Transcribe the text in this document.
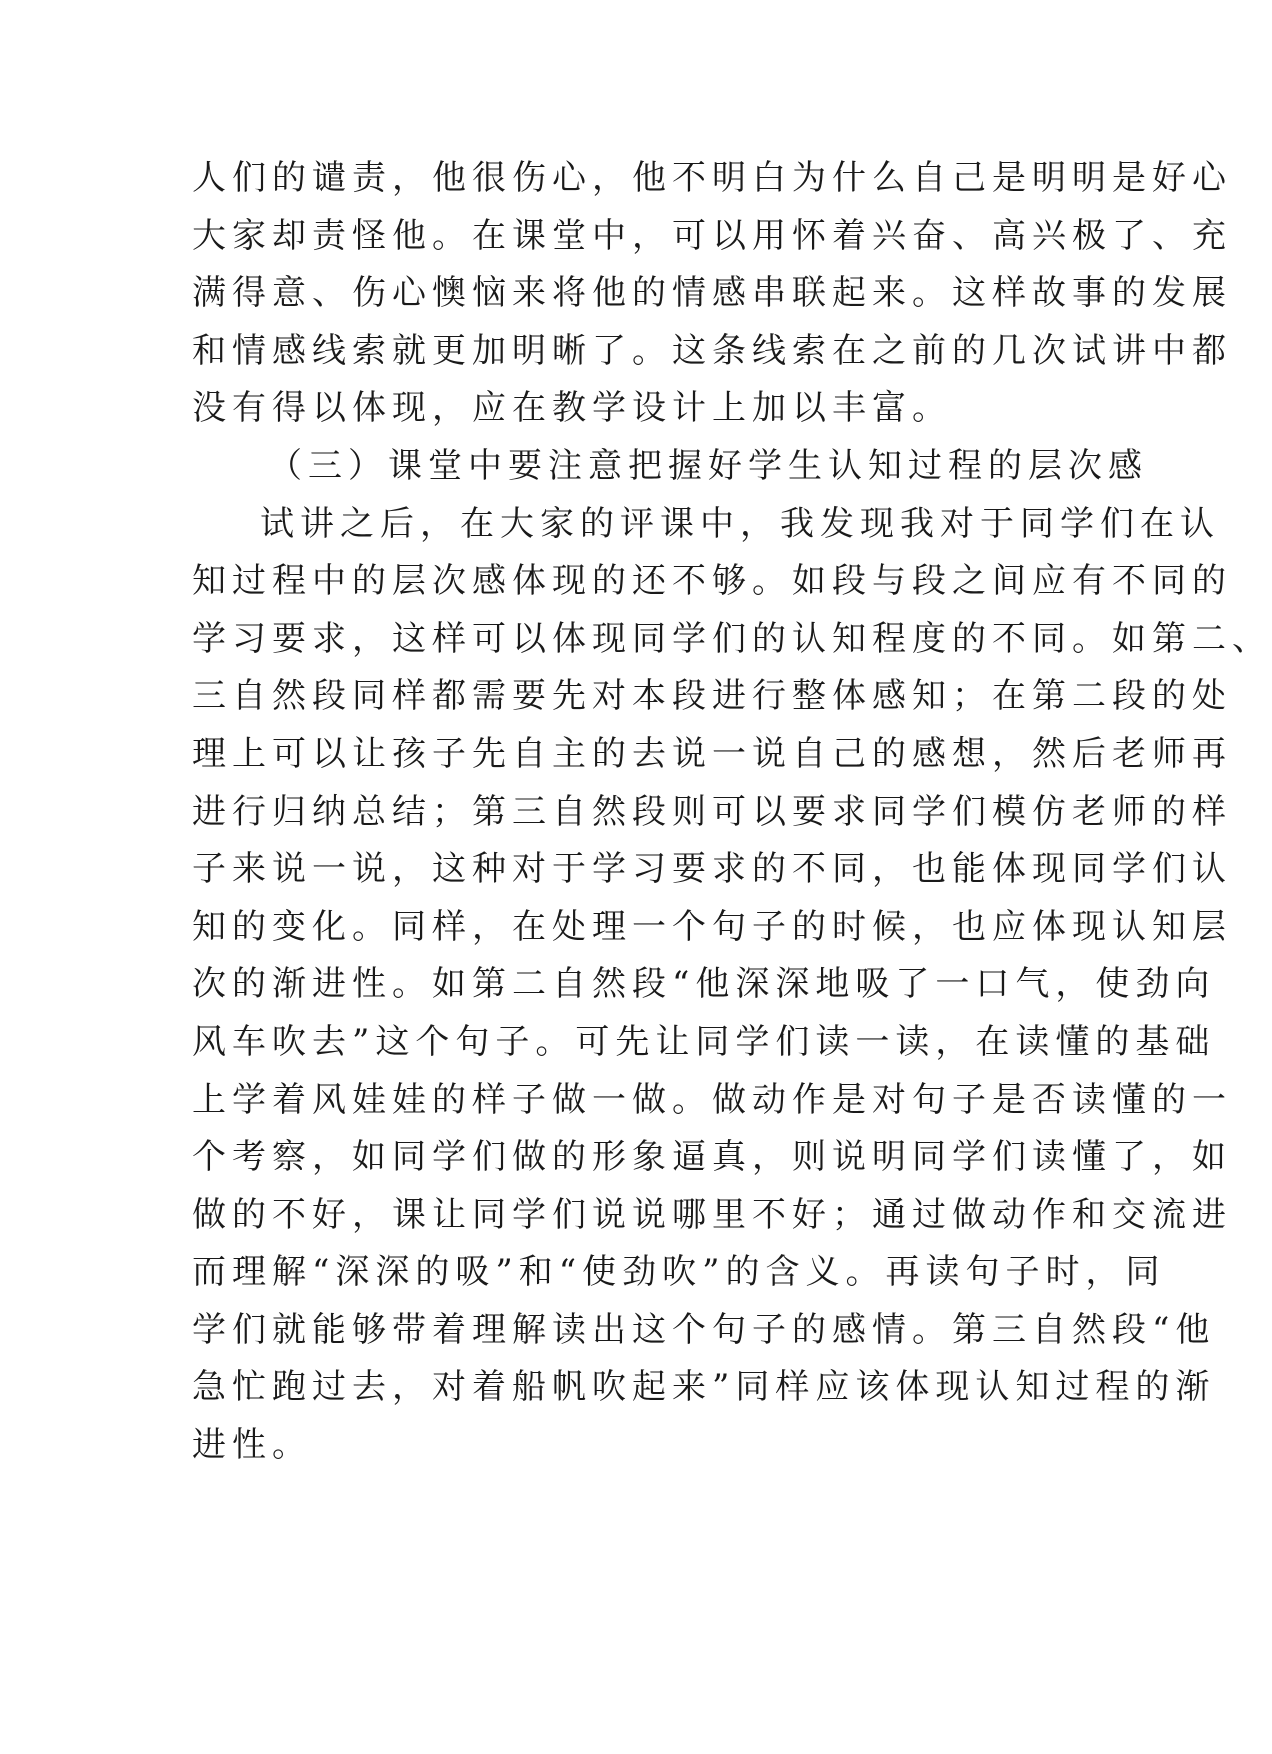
人们的谴责，他很伤心，他不明白为什么自己是明明是好心
大家却责怪他。在课堂中，可以用怀着兴奋、高兴极了、充
满得意、伤心懊恼来将他的情感串联起来。这样故事的发展
和情感线索就更加明晰了。这条线索在之前的几次试讲中都
没有得以体现，应在教学设计上加以丰富。
（三）课堂中要注意把握好学生认知过程的层次感
试讲之后，在大家的评课中，我发现我对于同学们在认
知过程中的层次感体现的还不够。如段与段之间应有不同的
学习要求，这样可以体现同学们的认知程度的不同。如第二、
三自然段同样都需要先对本段进行整体感知；在第二段的处
理上可以让孩子先自主的去说一说自己的感想，然后老师再
进行归纳总结；第三自然段则可以要求同学们模仿老师的样
子来说一说，这种对于学习要求的不同，也能体现同学们认
知的变化。同样，在处理一个句子的时候，也应体现认知层
次的渐进性。如第二自然段“他深深地吸了一口气，使劲向
风车吹去”这个句子。可先让同学们读一读，在读懂的基础
上学着风娃娃的样子做一做。做动作是对句子是否读懂的一
个考察，如同学们做的形象逼真，则说明同学们读懂了，如
做的不好，课让同学们说说哪里不好；通过做动作和交流进
而理解“深深的吸”和“使劲吹”的含义。再读句子时，同
学们就能够带着理解读出这个句子的感情。第三自然段“他
急忙跑过去，对着船帆吹起来”同样应该体现认知过程的渐
进性。
